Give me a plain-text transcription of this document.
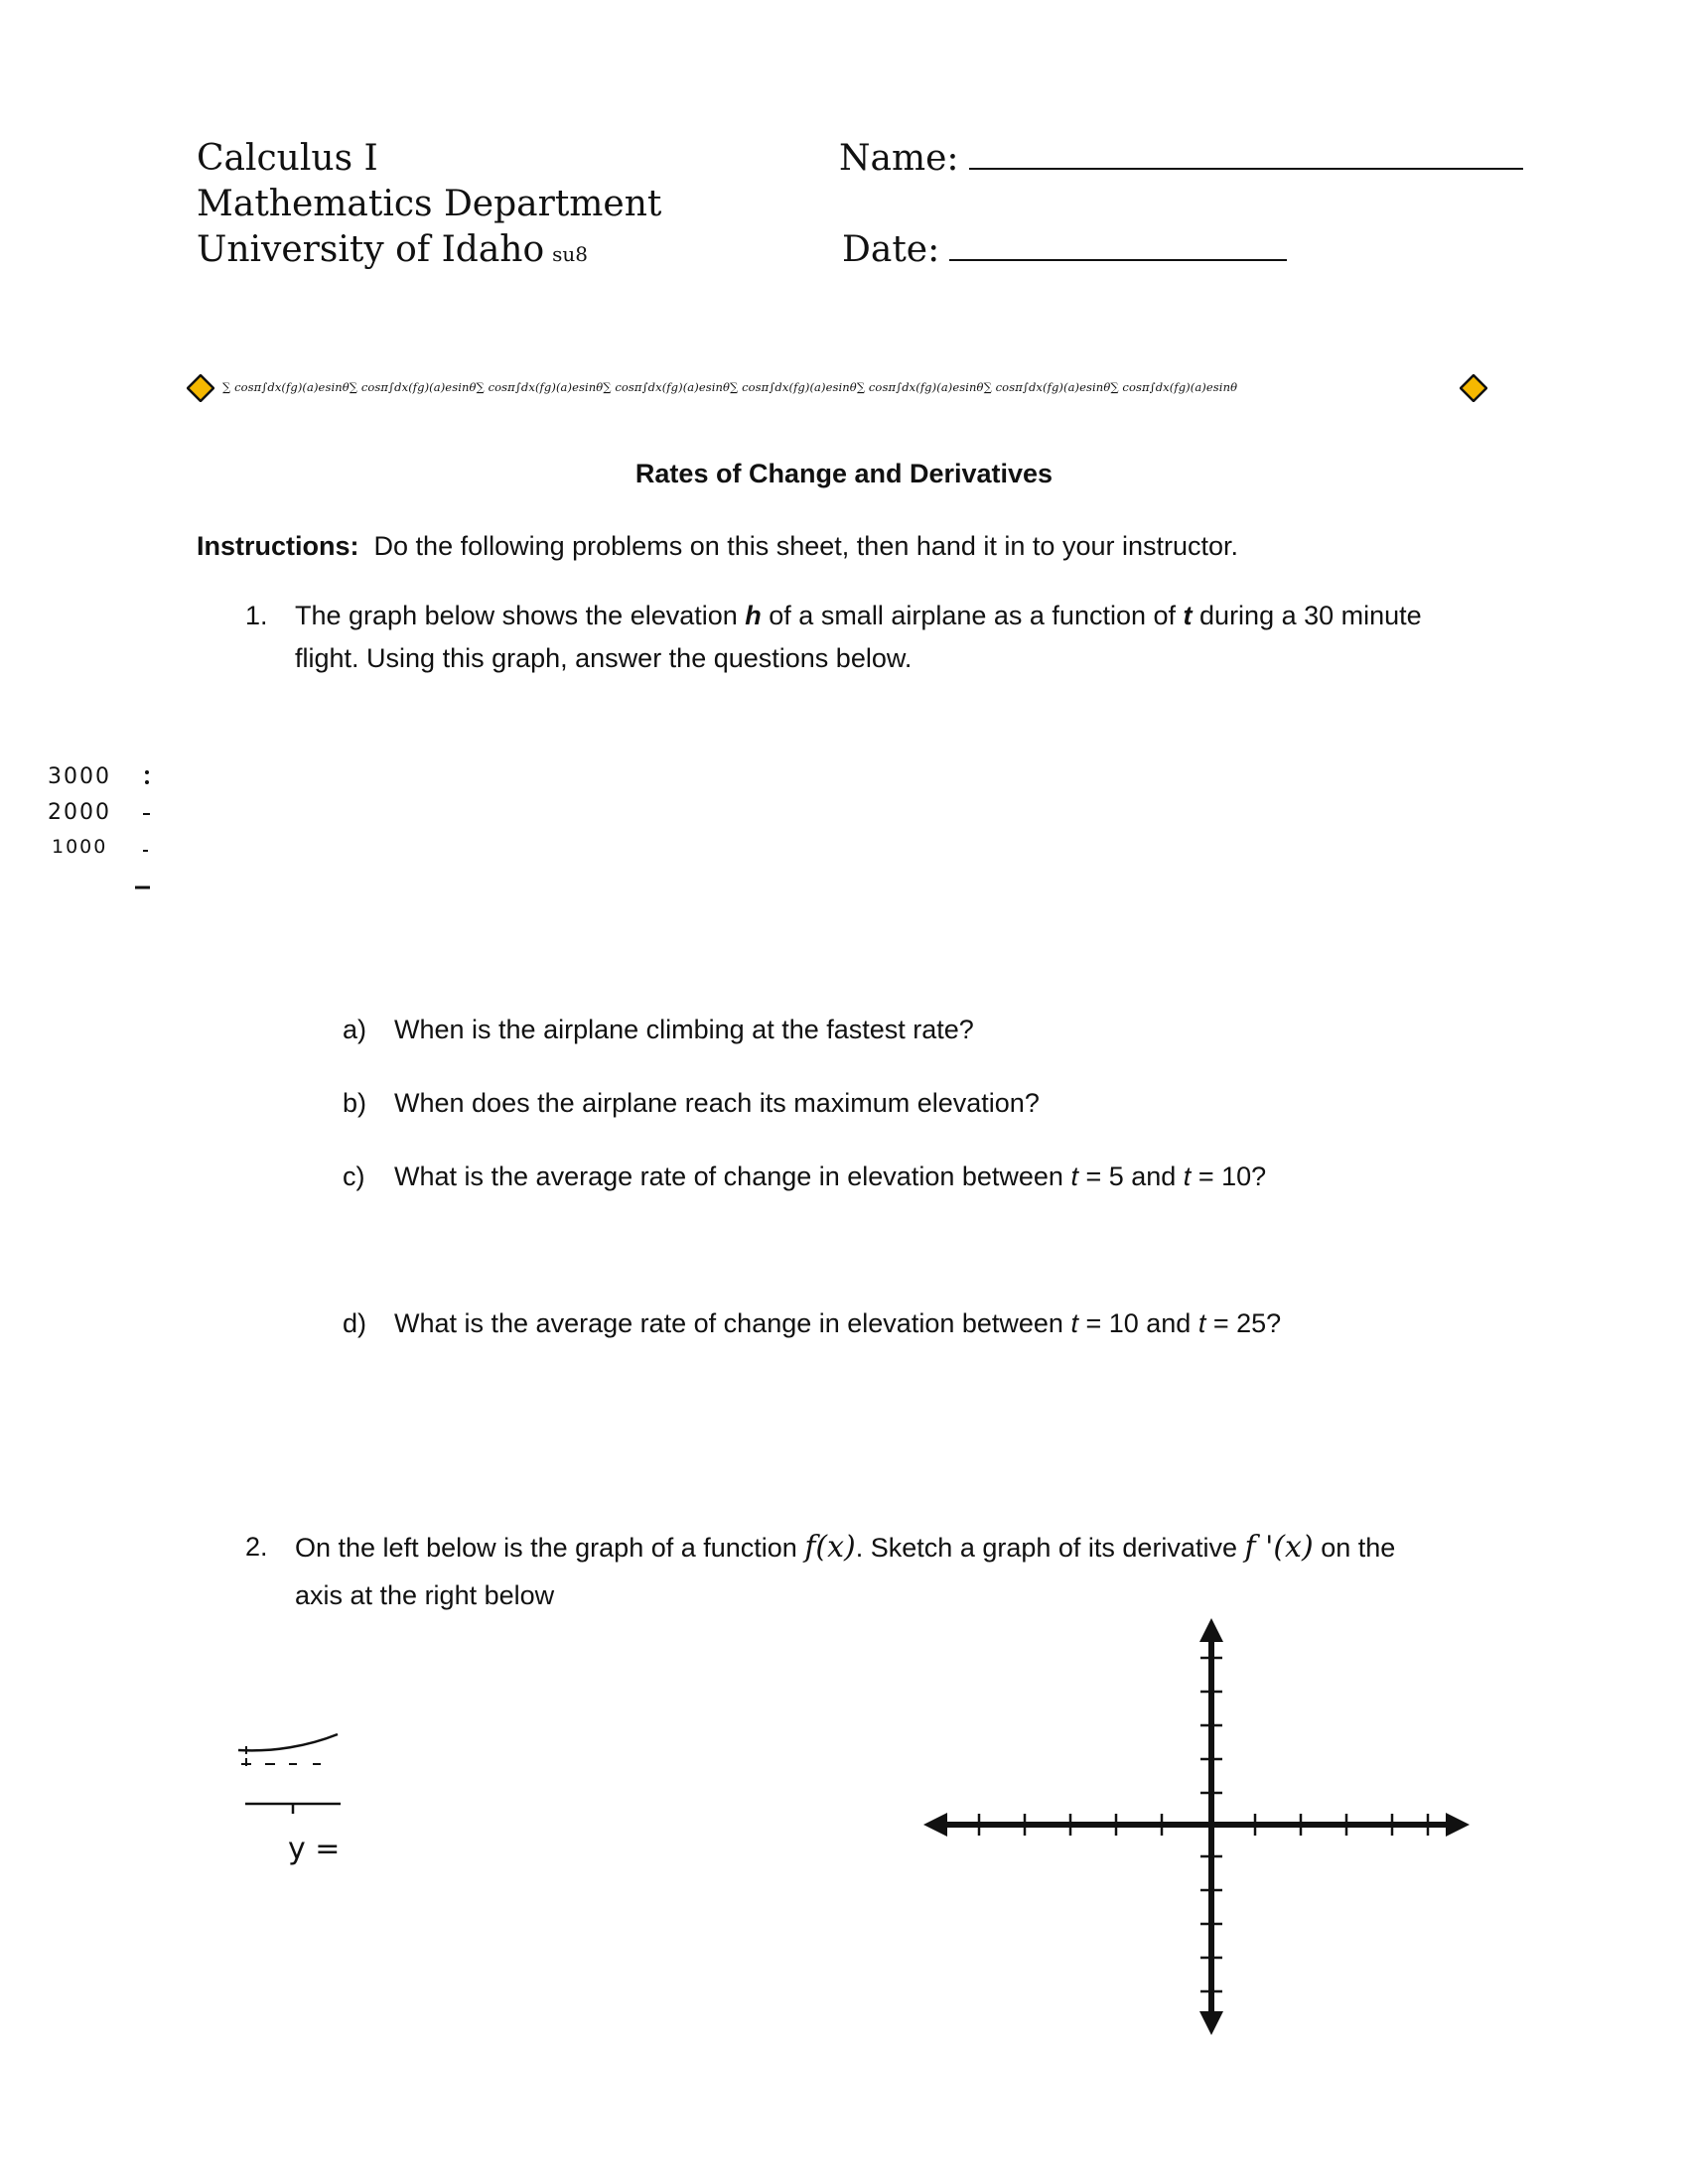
Calculus I
Mathematics Department
University of Idaho su8
Name:
Date:
∑ cosπ∫dx(fg)(a)esinθ∑ cosπ∫dx(fg)(a)esinθ∑ cosπ∫dx(fg)(a)esinθ∑ cosπ∫dx(fg)(a)esinθ∑ cosπ∫dx(fg)(a)esinθ∑ cosπ∫dx(fg)(a)esinθ∑ cosπ∫dx(fg)(a)esinθ∑ cosπ∫dx(fg)(a)esinθ
Rates of Change and Derivatives
Instructions: Do the following problems on this sheet, then hand it in to your instructor.
1. The graph below shows the elevation h of a small airplane as a function of t during a 30 minute
flight. Using this graph, answer the questions below.
3000
2000
1000
a) When is the airplane climbing at the fastest rate?
b) When does the airplane reach its maximum elevation?
c) What is the average rate of change in elevation between t = 5 and t = 10?
d) What is the average rate of change in elevation between t = 10 and t = 25?
2. On the left below is the graph of a function f(x). Sketch a graph of its derivative f '(x) on the
axis at the right below
y =
